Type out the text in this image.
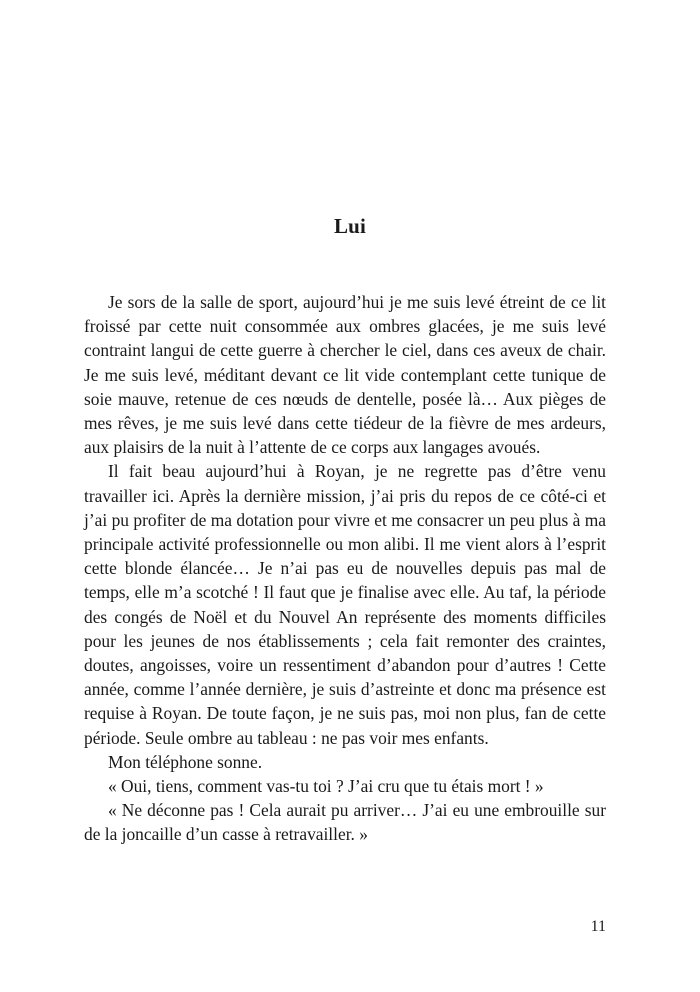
Lui

Je sors de la salle de sport, aujourd’hui je me suis levé étreint de ce lit froissé par cette nuit consommée aux ombres glacées, je me suis levé contraint langui de cette guerre à chercher le ciel, dans ces aveux de chair. Je me suis levé, méditant devant ce lit vide contemplant cette tunique de soie mauve, retenue de ces nœuds de dentelle, posée là… Aux pièges de mes rêves, je me suis levé dans cette tiédeur de la fièvre de mes ardeurs, aux plaisirs de la nuit à l’attente de ce corps aux langages avoués.

Il fait beau aujourd’hui à Royan, je ne regrette pas d’être venu travailler ici. Après la dernière mission, j’ai pris du repos de ce côté-ci et j’ai pu profiter de ma dotation pour vivre et me consacrer un peu plus à ma principale activité professionnelle ou mon alibi. Il me vient alors à l’esprit cette blonde élancée… Je n’ai pas eu de nouvelles depuis pas mal de temps, elle m’a scotché ! Il faut que je finalise avec elle. Au taf, la période des congés de Noël et du Nouvel An représente des moments difficiles pour les jeunes de nos établissements ; cela fait remonter des craintes, doutes, angoisses, voire un ressentiment d’abandon pour d’autres ! Cette année, comme l’année dernière, je suis d’astreinte et donc ma présence est requise à Royan. De toute façon, je ne suis pas, moi non plus, fan de cette période. Seule ombre au tableau : ne pas voir mes enfants.

Mon téléphone sonne.

« Oui, tiens, comment vas-tu toi ? J’ai cru que tu étais mort ! »

« Ne déconne pas ! Cela aurait pu arriver… J’ai eu une embrouille sur de la joncaille d’un casse à retravailler. »

11
